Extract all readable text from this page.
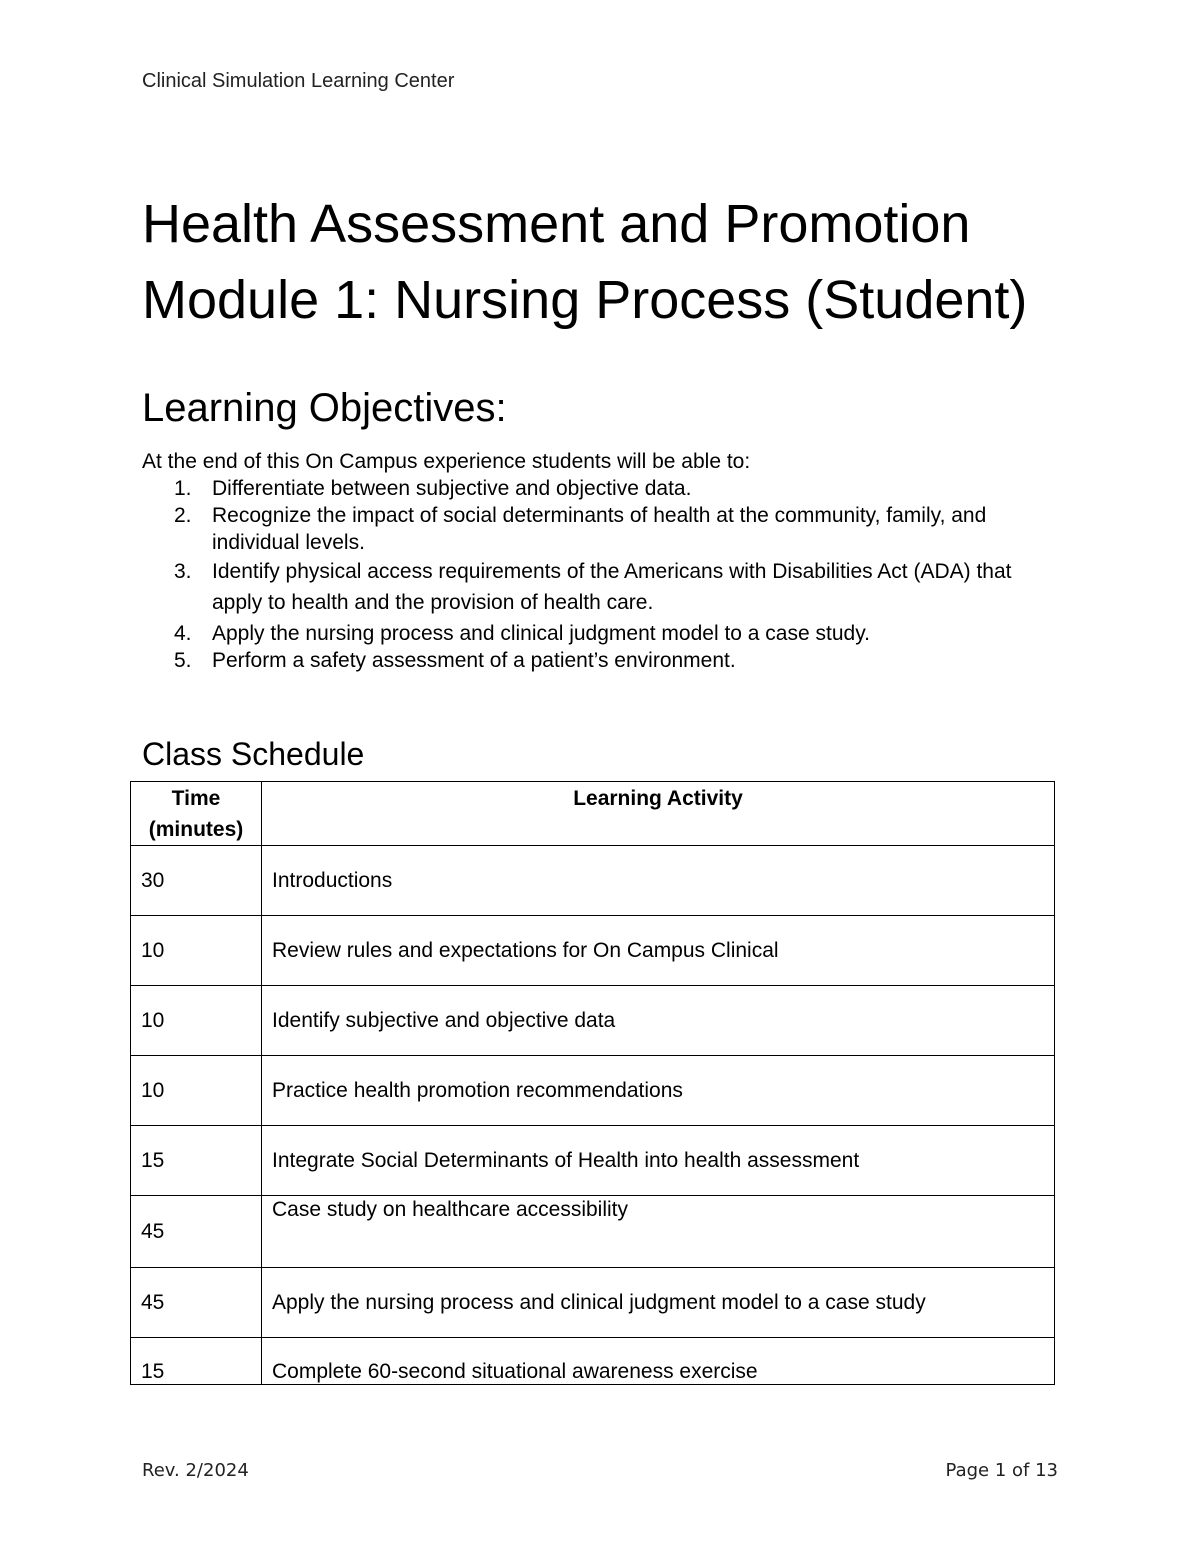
Clinical Simulation Learning Center
Health Assessment and Promotion
Module 1: Nursing Process (Student)
Learning Objectives:
At the end of this On Campus experience students will be able to:
1. Differentiate between subjective and objective data.
2. Recognize the impact of social determinants of health at the community, family, and individual levels.
3. Identify physical access requirements of the Americans with Disabilities Act (ADA) that apply to health and the provision of health care.
4. Apply the nursing process and clinical judgment model to a case study.
5. Perform a safety assessment of a patient’s environment.
Class Schedule
Time
(minutes)	Learning Activity
30	Introductions
10	Review rules and expectations for On Campus Clinical
10	Identify subjective and objective data
10	Practice health promotion recommendations
15	Integrate Social Determinants of Health into health assessment
45	Case study on healthcare accessibility
45	Apply the nursing process and clinical judgment model to a case study
15	Complete 60-second situational awareness exercise
Rev. 2/2024	Page 1 of 13
